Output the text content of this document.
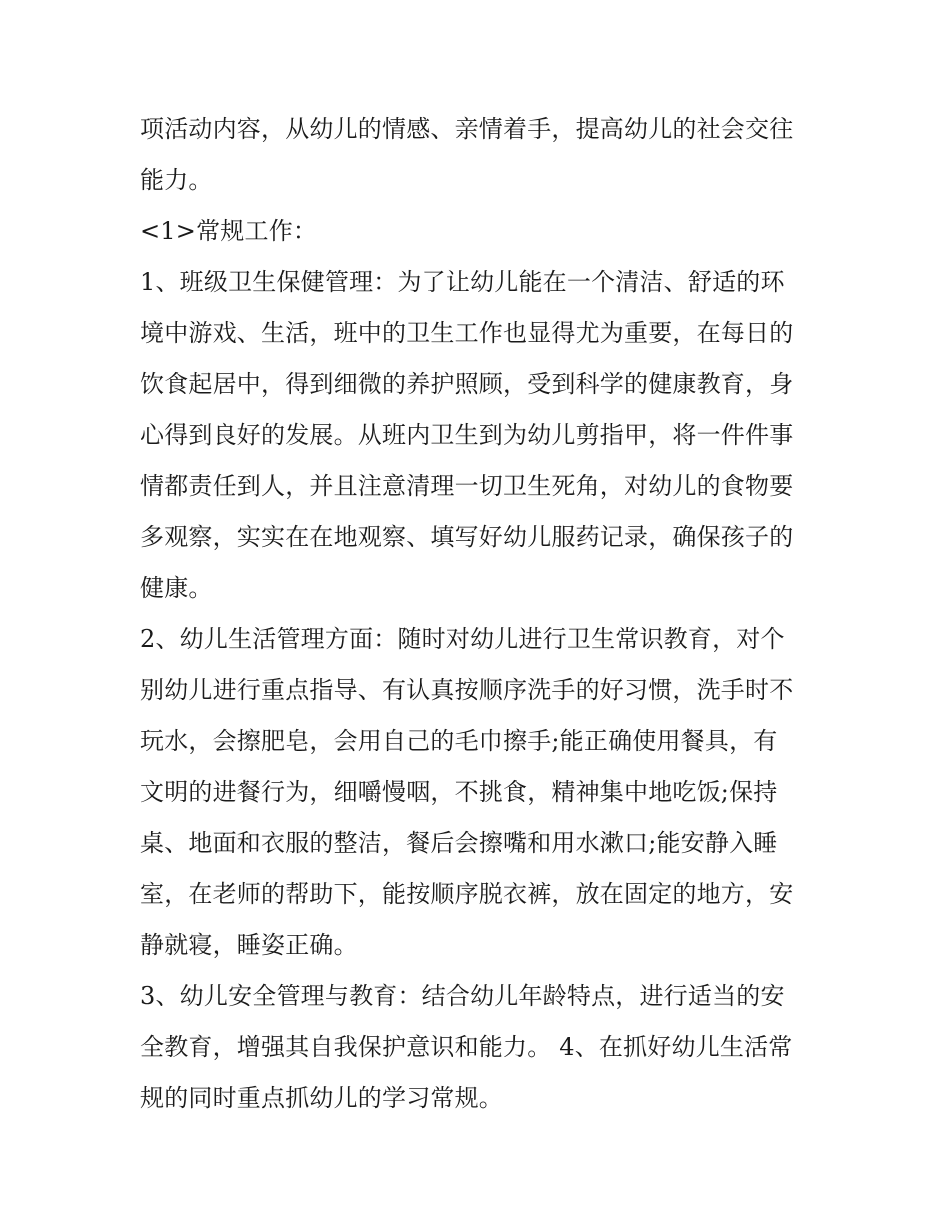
项活动内容，从幼儿的情感、亲情着手，提高幼儿的社会交往
能力。
<1>常规工作：
1、班级卫生保健管理：为了让幼儿能在一个清洁、舒适的环
境中游戏、生活，班中的卫生工作也显得尤为重要，在每日的
饮食起居中，得到细微的养护照顾，受到科学的健康教育，身
心得到良好的发展。从班内卫生到为幼儿剪指甲，将一件件事
情都责任到人，并且注意清理一切卫生死角，对幼儿的食物要
多观察，实实在在地观察、填写好幼儿服药记录，确保孩子的
健康。
2、幼儿生活管理方面：随时对幼儿进行卫生常识教育，对个
别幼儿进行重点指导、有认真按顺序洗手的好习惯，洗手时不
玩水，会擦肥皂，会用自己的毛巾擦手;能正确使用餐具，有
文明的进餐行为，细嚼慢咽，不挑食，精神集中地吃饭;保持
桌、地面和衣服的整洁，餐后会擦嘴和用水漱口;能安静入睡
室，在老师的帮助下，能按顺序脱衣裤，放在固定的地方，安
静就寝，睡姿正确。
3、幼儿安全管理与教育：结合幼儿年龄特点，进行适当的安
全教育，增强其自我保护意识和能力。 4、在抓好幼儿生活常
规的同时重点抓幼儿的学习常规。
